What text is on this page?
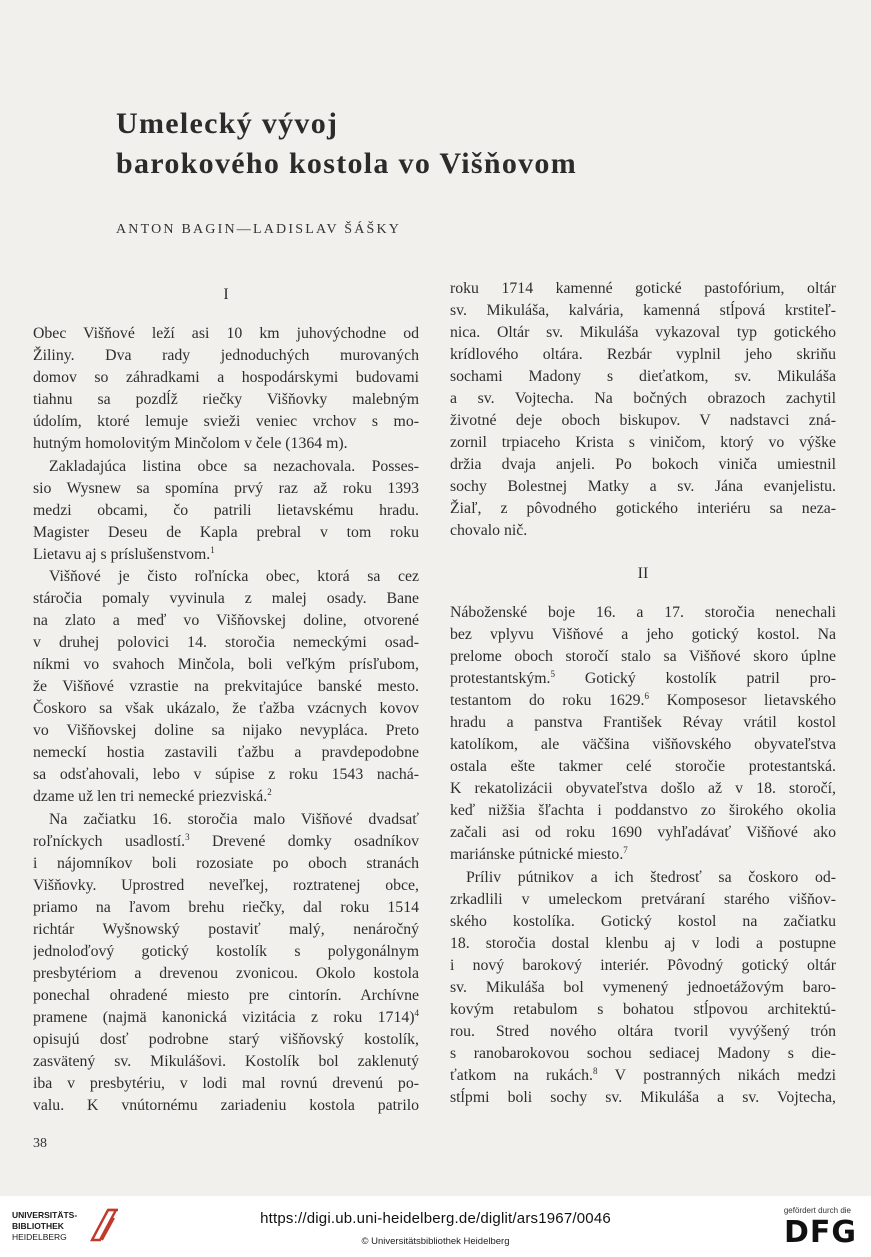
Umelecký vývoj
barokového kostola vo Višňovom
ANTON BAGIN—LADISLAV ŠÁŠKY
I
Obec Višňové leží asi 10 km juhovýchodne od
Žiliny. Dva rady jednoduchých murovaných
domov so záhradkami a hospodárskymi budovami
tiahnu sa pozdĺž riečky Višňovky malebným
údolím, ktoré lemuje svieži veniec vrchov s mo-
hutným homolovitým Minčolom v čele (1364 m).
Zakladajúca listina obce sa nezachovala. Posses-
sio Wysnew sa spomína prvý raz až roku 1393
medzi obcami, čo patrili lietavskému hradu.
Magister Deseu de Kapla prebral v tom roku
Lietavu aj s príslušenstvom.$^1$
Višňové je čisto roľnícka obec, ktorá sa cez
stáročia pomaly vyvinula z malej osady. Bane
na zlato a meď vo Višňovskej doline, otvorené
v druhej polovici 14. storočia nemeckými osad-
níkmi vo svahoch Minčola, boli veľkým prísľubom,
že Višňové vzrastie na prekvitajúce banské mesto.
Čoskoro sa však ukázalo, že ťažba vzácnych kovov
vo Višňovskej doline sa nijako nevypláca. Preto
nemeckí hostia zastavili ťažbu a pravdepodobne
sa odsťahovali, lebo v súpise z roku 1543 nachá-
dzame už len tri nemecké priezviská.$^2$
Na začiatku 16. storočia malo Višňové dvadsať
roľníckych usadlostí.$^3$ Drevené domky osadníkov
i nájomníkov boli rozosiate po oboch stranách
Višňovky. Uprostred neveľkej, roztratenej obce,
priamo na ľavom brehu riečky, dal roku 1514
richtár Wyšnowský postaviť malý, nenáročný
jednoloďový gotický kostolík s polygonálnym
presbytériom a drevenou zvonicou. Okolo kostola
ponechal ohradené miesto pre cintorín. Archívne
pramene (najmä kanonická vizitácia z roku 1714)$^4$
opisujú dosť podrobne starý višňovský kostolík,
zasvätený sv. Mikulášovi. Kostolík bol zaklenutý
iba v presbytériu, v lodi mal rovnú drevenú po-
valu. K vnútornému zariadeniu kostola patrilo
roku 1714 kamenné gotické pastofórium, oltár
sv. Mikuláša, kalvária, kamenná stĺpová krstiteľ-
nica. Oltár sv. Mikuláša vykazoval typ gotického
krídlového oltára. Rezbár vyplnil jeho skriňu
sochami Madony s dieťatkom, sv. Mikuláša
a sv. Vojtecha. Na bočných obrazoch zachytil
životné deje oboch biskupov. V nadstavci zná-
zornil trpiaceho Krista s viničom, ktorý vo výške
držia dvaja anjeli. Po bokoch viniča umiestnil
sochy Bolestnej Matky a sv. Jána evanjelistu.
Žiaľ, z pôvodného gotického interiéru sa neza-
chovalo nič.
II
Náboženské boje 16. a 17. storočia nenechali
bez vplyvu Višňové a jeho gotický kostol. Na
prelome oboch storočí stalo sa Višňové skoro úplne
protestantským.$^5$ Gotický kostolík patril pro-
testantom do roku 1629.$^6$ Komposesor lietavského
hradu a panstva František Révay vrátil kostol
katolíkom, ale väčšina višňovského obyvateľstva
ostala ešte takmer celé storočie protestantská.
K rekatolizácii obyvateľstva došlo až v 18. storočí,
keď nižšia šľachta i poddanstvo zo širokého okolia
začali asi od roku 1690 vyhľadávať Višňové ako
mariánske pútnické miesto.$^7$
Príliv pútnikov a ich štedrosť sa čoskoro od-
zrkadlili v umeleckom pretváraní starého višňov-
ského kostolíka. Gotický kostol na začiatku
18. storočia dostal klenbu aj v lodi a postupne
i nový barokový interiér. Pôvodný gotický oltár
sv. Mikuláša bol vymenený jednoetážovým baro-
kovým retabulom s bohatou stĺpovou architektú-
rou. Stred nového oltára tvoril vyvýšený trón
s ranobarokovou sochou sediacej Madony s die-
ťatkom na rukách.$^8$ V postranných nikách medzi
stĺpmi boli sochy sv. Mikuláša a sv. Vojtecha,
38
UNIVERSITÄTS-
BIBLIOTHEK
HEIDELBERG
https://digi.ub.uni-heidelberg.de/diglit/ars1967/0046
© Universitätsbibliothek Heidelberg
gefördert durch die
DFG
